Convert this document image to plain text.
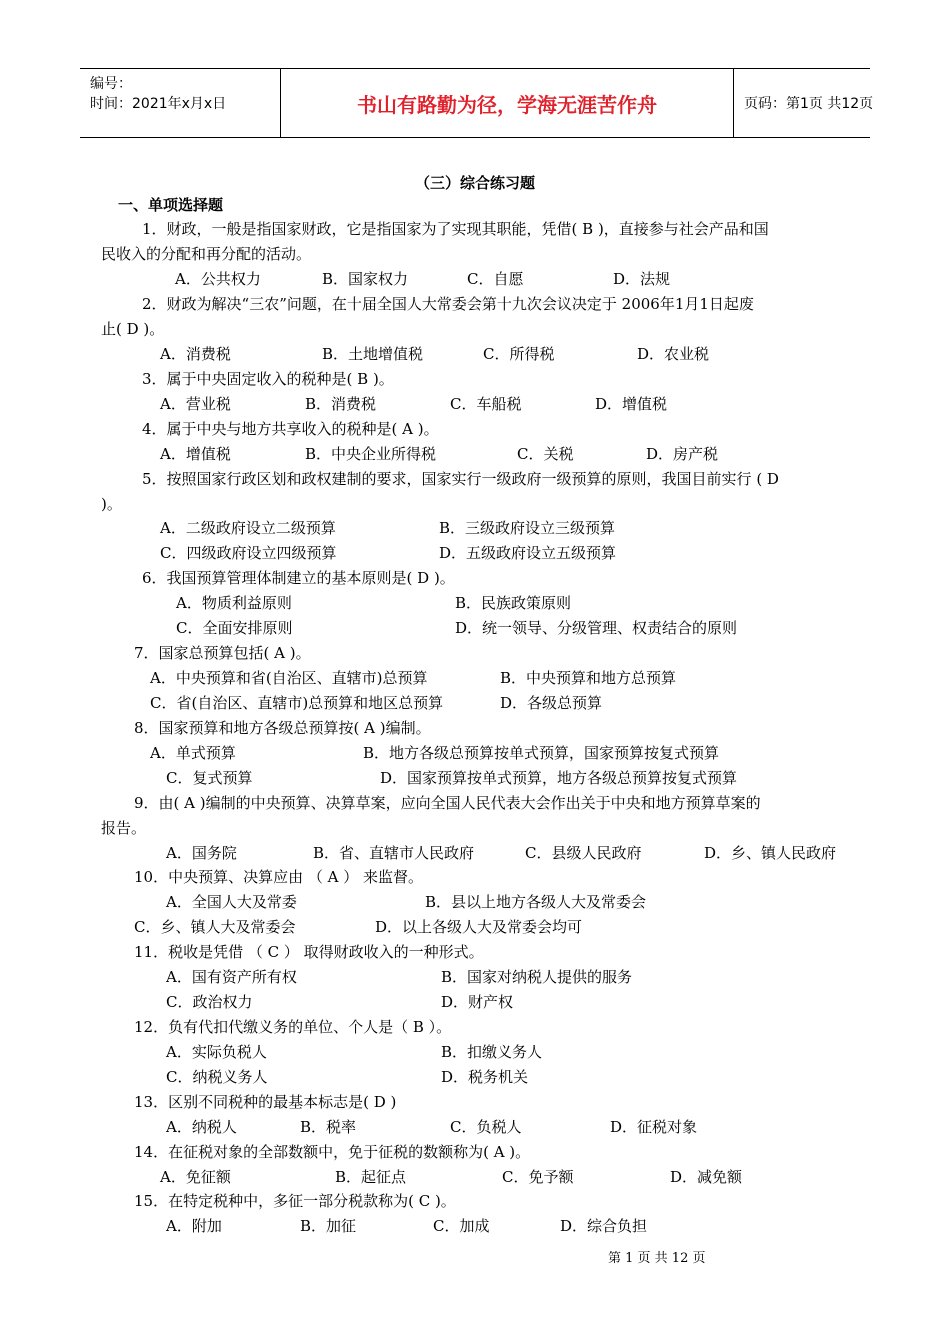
编号：
时间：2021年x月x日	书山有路勤为径，学海无涯苦作舟	页码：第1页 共12页
（三）综合练习题
一、单项选择题
1．财政，一般是指国家财政，它是指国家为了实现其职能，凭借( B )，直接参与社会产品和国
民收入的分配和再分配的活动。
A．公共权力	B．国家权力	C．自愿	D．法规
2．财政为解决“三农”问题，在十届全国人大常委会第十九次会议决定于 2006年1月1日起废
止( D )。
A．消费税	B．土地增值税	C．所得税	D．农业税
3．属于中央固定收入的税种是( B )。
A．营业税	B．消费税	C．车船税	D．增值税
4．属于中央与地方共享收入的税种是( A )。
A．增值税	B．中央企业所得税	C．关税	D．房产税
5．按照国家行政区划和政权建制的要求，国家实行一级政府一级预算的原则，我国目前实行 ( D
)。
A．二级政府设立二级预算	B．三级政府设立三级预算
C．四级政府设立四级预算	D．五级政府设立五级预算
6．我国预算管理体制建立的基本原则是( D )。
A．物质利益原则	B．民族政策原则
C．全面安排原则	D．统一领导、分级管理、权责结合的原则
7．国家总预算包括( A )。
A．中央预算和省(自治区、直辖市)总预算	B．中央预算和地方总预算
C．省(自治区、直辖市)总预算和地区总预算	D．各级总预算
8．国家预算和地方各级总预算按( A )编制。
A．单式预算	B．地方各级总预算按单式预算，国家预算按复式预算
C．复式预算	D．国家预算按单式预算，地方各级总预算按复式预算
9．由( A )编制的中央预算、决算草案，应向全国人民代表大会作出关于中央和地方预算草案的
报告。
A．国务院	B．省、直辖市人民政府	C．县级人民政府	D．乡、镇人民政府
10．中央预算、决算应由 （ A ） 来监督。
A．全国人大及常委	B．县以上地方各级人大及常委会
C．乡、镇人大及常委会	D．以上各级人大及常委会均可
11．税收是凭借 （ C ） 取得财政收入的一种形式。
A．国有资产所有权	B．国家对纳税人提供的服务
C．政治权力	D．财产权
12．负有代扣代缴义务的单位、个人是（ B ）。
A．实际负税人	B．扣缴义务人
C．纳税义务人	D．税务机关
13．区别不同税种的最基本标志是( D )
A．纳税人	B．税率	C．负税人	D．征税对象
14．在征税对象的全部数额中，免于征税的数额称为( A )。
A．免征额	B．起征点	C．免予额	D．减免额
15．在特定税种中，多征一部分税款称为( C )。
A．附加	B．加征	C．加成	D．综合负担
第 1 页 共 12 页
